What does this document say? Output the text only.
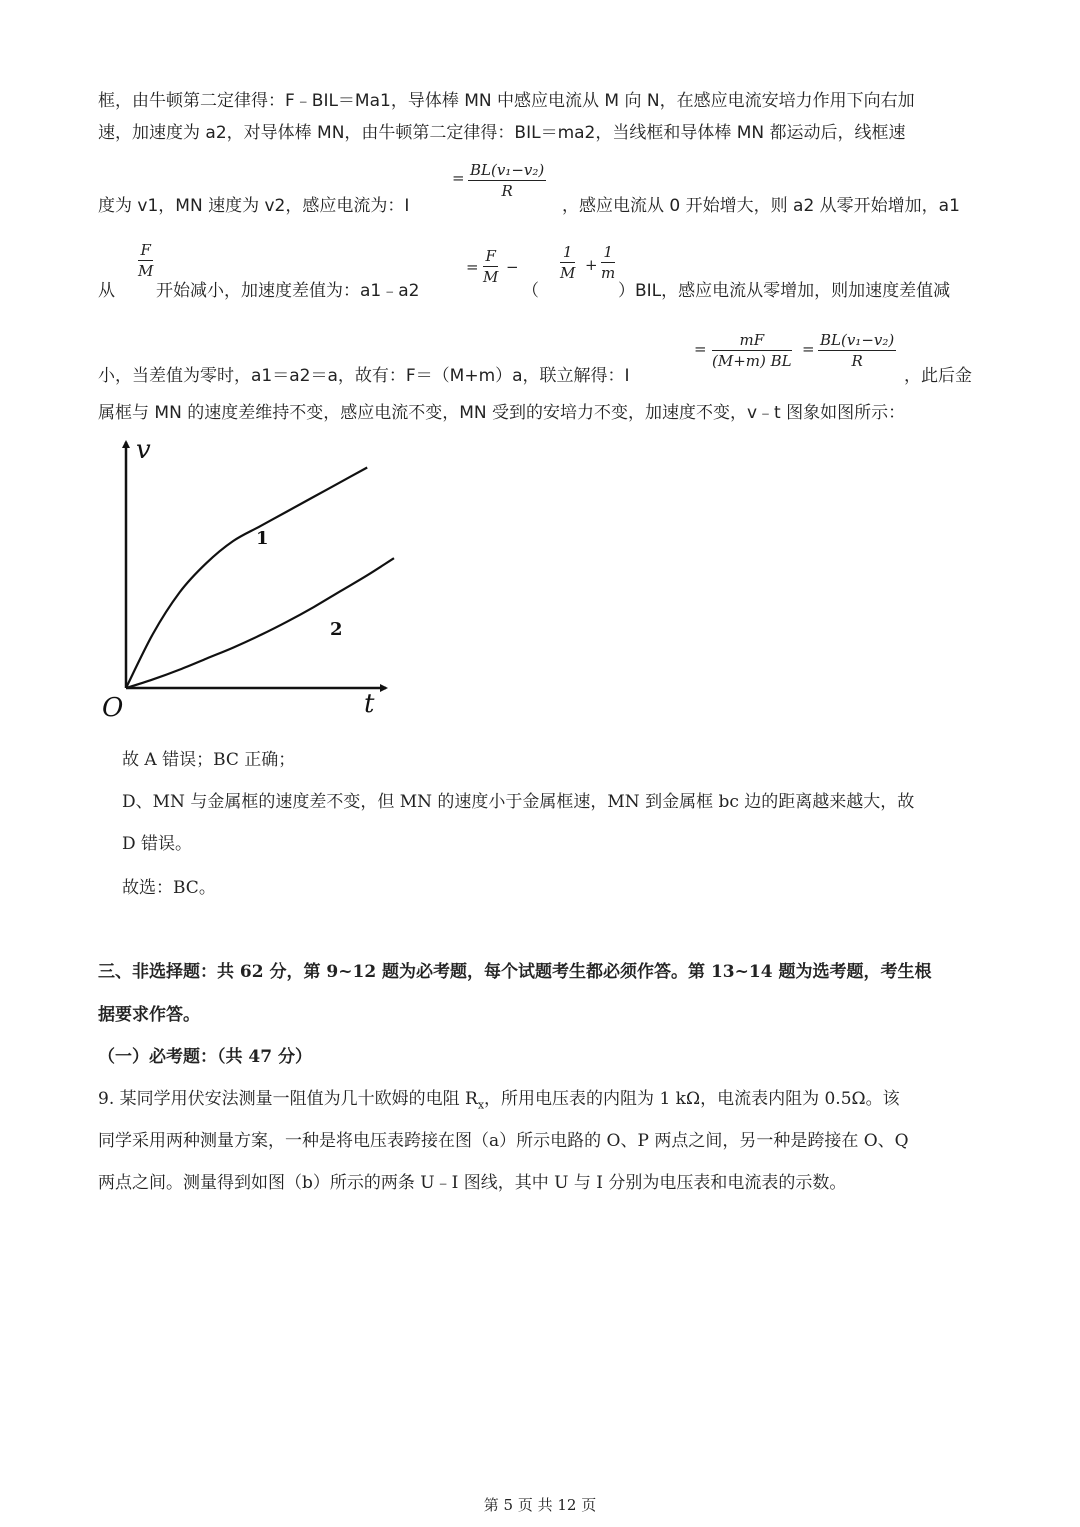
框，由牛顿第二定律得：F﹣BIL＝Ma1，导体棒 MN 中感应电流从 M 向 N，在感应电流安培力作用下向右加
速，加速度为 a2，对导体棒 MN，由牛顿第二定律得：BIL＝ma2，当线框和导体棒 MN 都运动后，线框速
度为 v1，MN 速度为 v2，感应电流为：I
= $\frac{\text{BL(v₁−v₂)}}{R}$
，感应电流从 0 开始增大，则 a2 从零开始增加，a1
从
$\frac{F}{M}$
开始减小，加速度差值为：a1﹣a2
= $\frac{F}{M}$ −
（
$\frac{1}{M} + \frac{1}{m}$
）BIL，感应电流从零增加，则加速度差值减
小，当差值为零时，a1＝a2＝a，故有：F＝（M+m）a，联立解得：I
= $\frac{mF}{(M+m) BL} = \frac{\text{BL(v₁−v₂)}}{R}$
，此后金
属框与 MN 的速度差维持不变，感应电流不变，MN 受到的安培力不变，加速度不变，v﹣t 图象如图所示：
v
t
O
1
2
故 A 错误；BC 正确；
D、MN 与金属框的速度差不变，但 MN 的速度小于金属框速，MN 到金属框 bc 边的距离越来越大，故
D 错误。
故选：BC。
三、非选择题：共 62 分，第 9~12 题为必考题，每个试题考生都必须作答。第 13~14 题为选考题，考生根
据要求作答。
（一）必考题：（共 47 分）
9. 某同学用伏安法测量一阻值为几十欧姆的电阻 $R_x$，所用电压表的内阻为 1 kΩ，电流表内阻为 0.5Ω。该
同学采用两种测量方案，一种是将电压表跨接在图（a）所示电路的 O、P 两点之间，另一种是跨接在 O、Q
两点之间。测量得到如图（b）所示的两条 U﹣I 图线，其中 U 与 I 分别为电压表和电流表的示数。
第 5 页 共 12 页
